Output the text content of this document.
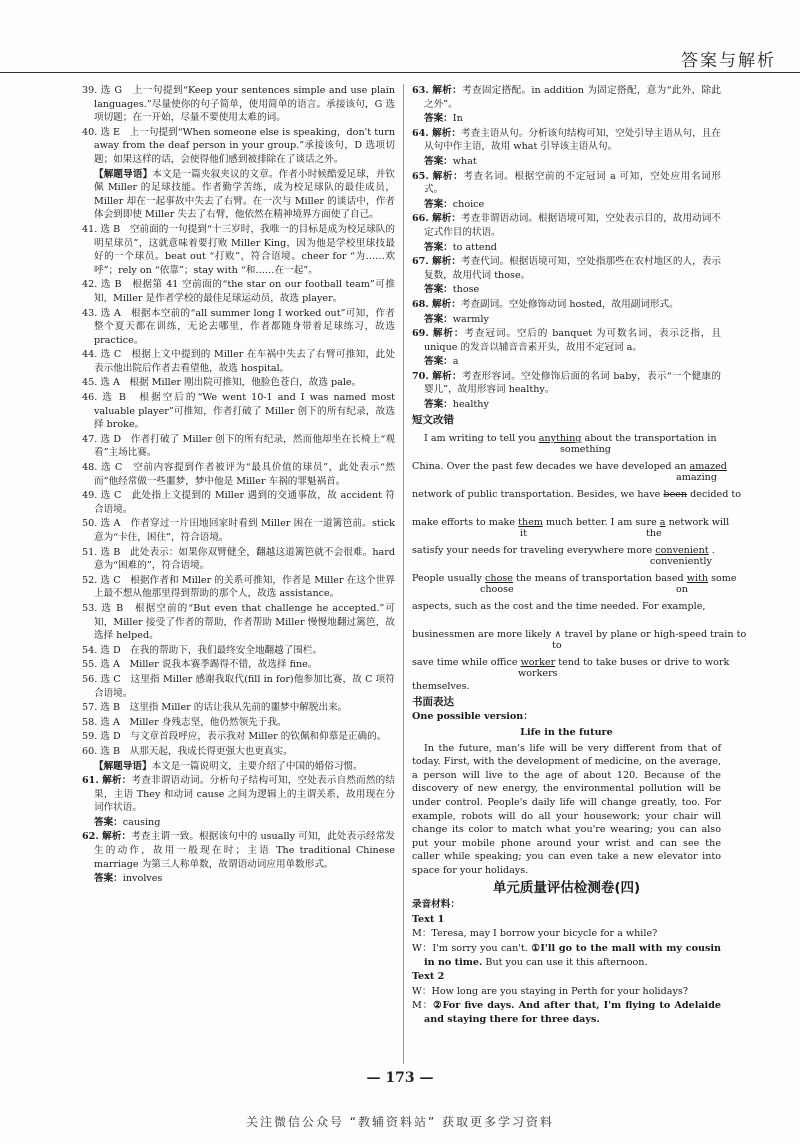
答案与解析

39. 选 G　上一句提到“Keep your sentences simple and use plain languages.”尽量使你的句子简单，使用简单的语言。承接该句，G 选项切题；在一开始，尽量不要使用太难的词。

40. 选 E　上一句提到“When someone else is speaking，don't turn away from the deaf person in your group.”承接该句，D 选项切题；如果这样的话，会使得他们感到被排除在了谈话之外。

【解题导语】本文是一篇夹叙夹议的文章。作者小时候酷爱足球，并钦佩 Miller 的足球技能。作者勤学苦练，成为校足球队的最佳成员，Miller 却在一起事故中失去了右臂。在一次与 Miller 的谈话中，作者体会到即使 Miller 失去了右臂，他依然在精神境界方面使了自己。

41. 选 B　空前面的一句提到“十三岁时，我唯一的目标是成为校足球队的明星球员”，这就意味着要打败 Miller King，因为他是学校里球技最好的一个球员。beat out “打败”，符合语境。cheer for “为……欢呼”；rely on “依靠”；stay with “和……在一起”。

42. 选 B　根据第 41 空前面的“the star on our football team”可推知，Miller 是作者学校的最佳足球运动员，故选 player。

43. 选 A　根据本空前的“all summer long I worked out”可知，作者整个夏天都在训练，无论去哪里，作者都随身带着足球练习，故选 practice。

44. 选 C　根据上文中提到的 Miller 在车祸中失去了右臂可推知，此处表示他出院后作者去看望他，故选 hospital。

45. 选 A　根据 Miller 刚出院可推知，他脸色苍白，故选 pale。

46. 选 B　根据空后的“We went 10-1 and I was named most valuable player”可推知，作者打破了 Miller 创下的所有纪录，故选择 broke。

47. 选 D　作者打破了 Miller 创下的所有纪录，然而他却坐在长椅上“观看”主场比赛。

48. 选 C　空前内容提到作者被评为“最具价值的球员”，此处表示“然而”他经常做一些噩梦，梦中他是 Miller 车祸的罪魁祸首。

49. 选 C　此处指上文提到的 Miller 遇到的交通事故，故 accident 符合语境。

50. 选 A　作者穿过一片田地回家时看到 Miller 困在一道篱笆前。stick 意为“卡住，困住”，符合语境。

51. 选 B　此处表示：如果你双臂健全，翻越这道篱笆就不会很难。hard 意为“困难的”，符合语境。

52. 选 C　根据作者和 Miller 的关系可推知，作者是 Miller 在这个世界上最不想从他那里得到帮助的那个人，故选 assistance。

53. 选 B　根据空前的“But even that challenge he accepted.”可知，Miller 接受了作者的帮助，作者帮助 Miller 慢慢地翻过篱笆，故选择 helped。

54. 选 D　在我的帮助下，我们最终安全地翻越了围栏。

55. 选 A　Miller 说我本赛季踢得不错，故选择 fine。

56. 选 C　这里指 Miller 感谢我取代(fill in for)他参加比赛，故 C 项符合语境。

57. 选 B　这里指 Miller 的话让我从先前的噩梦中解脱出来。

58. 选 A　Miller 身残志坚，他仍然领先于我。

59. 选 D　与文章首段呼应，表示我对 Miller 的钦佩和仰慕是正确的。

60. 选 B　从那天起，我成长得更强大也更真实。

【解题导语】本文是一篇说明文，主要介绍了中国的婚俗习惯。

61. 解析：考查非谓语动词。分析句子结构可知，空处表示自然而然的结果，主语 They 和动词 cause 之间为逻辑上的主谓关系，故用现在分词作状语。

答案：causing

62. 解析：考查主谓一致。根据该句中的 usually 可知，此处表示经常发生的动作，故用一般现在时；主语 The traditional Chinese marriage 为第三人称单数，故谓语动词应用单数形式。

答案：involves

63. 解析：考查固定搭配。in addition 为固定搭配，意为“此外，除此之外”。

答案：In

64. 解析：考查主语从句。分析该句结构可知，空处引导主语从句，且在从句中作主语，故用 what 引导该主语从句。

答案：what

65. 解析：考查名词。根据空前的不定冠词 a 可知，空处应用名词形式。

答案：choice

66. 解析：考查非谓语动词。根据语境可知，空处表示目的，故用动词不定式作目的状语。

答案：to attend

67. 解析：考查代词。根据语境可知，空处指那些在农村地区的人，表示复数，故用代词 those。

答案：those

68. 解析：考查副词。空处修饰动词 hosted，故用副词形式。

答案：warmly

69. 解析：考查冠词。空后的 banquet 为可数名词，表示泛指，且 unique 的发音以辅音音素开头，故用不定冠词 a。

答案：a

70. 解析：考查形容词。空处修饰后面的名词 baby，表示“一个健康的婴儿”，故用形容词 healthy。

答案：healthy

短文改错
I am writing to tell you anything about the transportation in
something
China. Over the past few decades we have developed an amazed
amazing
network of public transportation. Besides, we have been decided to
make efforts to make them much better. I am sure a network will
it	the
satisfy your needs for traveling everywhere more convenient .
conveniently
People usually chose the means of transportation based with some
choose	on
aspects, such as the cost and the time needed. For example,
businessmen are more likely ∧ travel by plane or high-speed train to
to
save time while office worker tend to take buses or drive to work
workers

themselves.

书面表达

One possible version：

Life in the future

In the future, man's life will be very different from that of today. First, with the development of medicine, on the average, a person will live to the age of about 120. Because of the discovery of new energy, the environmental pollution will be under control. People's daily life will change greatly, too. For example, robots will do all your housework; your chair will change its color to match what you're wearing; you can also put your mobile phone around your wrist and can see the caller while speaking; you can even take a new elevator into space for your holidays.

单元质量评估检测卷(四)

录音材料：

Text 1

M：Teresa, may I borrow your bicycle for a while?

W：I'm sorry you can't. ①I'll go to the mall with my cousin in no time. But you can use it this afternoon.

Text 2

W：How long are you staying in Perth for your holidays?

M：②For five days. And after that, I'm flying to Adelaide and staying there for three days.

— 173 —
关注微信公众号 “教辅资料站” 获取更多学习资料
